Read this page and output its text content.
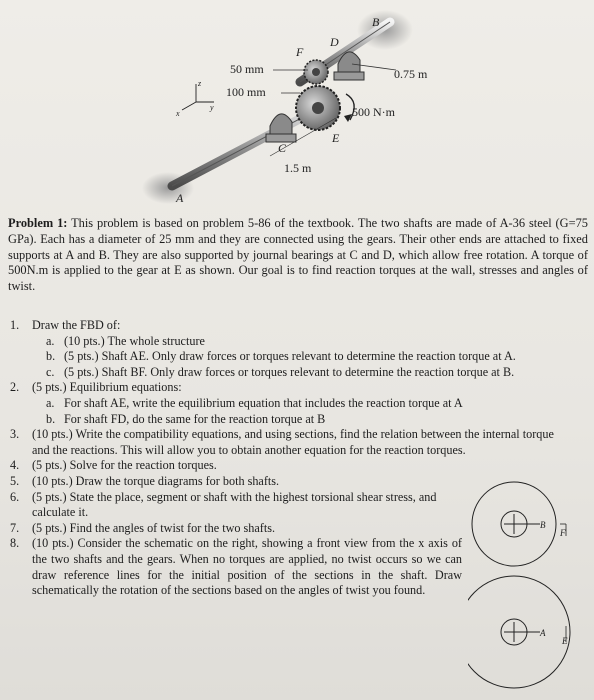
B
D
F
C
E
A
50 mm
100 mm
0.75 m
500 N·m
1.5 m
z
y
x
Problem 1: This problem is based on problem 5-86 of the textbook. The two shafts are made of A-36 steel (G=75 GPa). Each has a diameter of 25 mm and they are connected using the gears. Their other ends are attached to fixed supports at A and B. They are also supported by journal bearings at C and D, which allow free rotation. A torque of 500N.m is applied to the gear at E as shown. Our goal is to find reaction torques at the wall, stresses and angles of twist.
1. Draw the FBD of:
a. (10 pts.) The whole structure
b. (5 pts.) Shaft AE. Only draw forces or torques relevant to determine the reaction torque at A.
c. (5 pts.) Shaft BF. Only draw forces or torques relevant to determine the reaction torque at B.
2. (5 pts.) Equilibrium equations:
a. For shaft AE, write the equilibrium equation that includes the reaction torque at A
b. For shaft FD, do the same for the reaction torque at B
3. (10 pts.) Write the compatibility equations, and using sections, find the relation between the internal torque and the reactions. This will allow you to obtain another equation for the reaction torques.
4. (5 pts.) Solve for the reaction torques.
5. (10 pts.) Draw the torque diagrams for both shafts.
6. (5 pts.) State the place, segment or shaft with the highest torsional shear stress, and calculate it.
7. (5 pts.) Find the angles of twist for the two shafts.
8. (10 pts.) Consider the schematic on the right, showing a front view from the x axis of the two shafts and the gears. When no torques are applied, no twist occurs so we can draw reference lines for the initial position of the sections in the shaft. Draw schematically the rotation of the sections based on the angles of twist you found.
B
F
A
E
